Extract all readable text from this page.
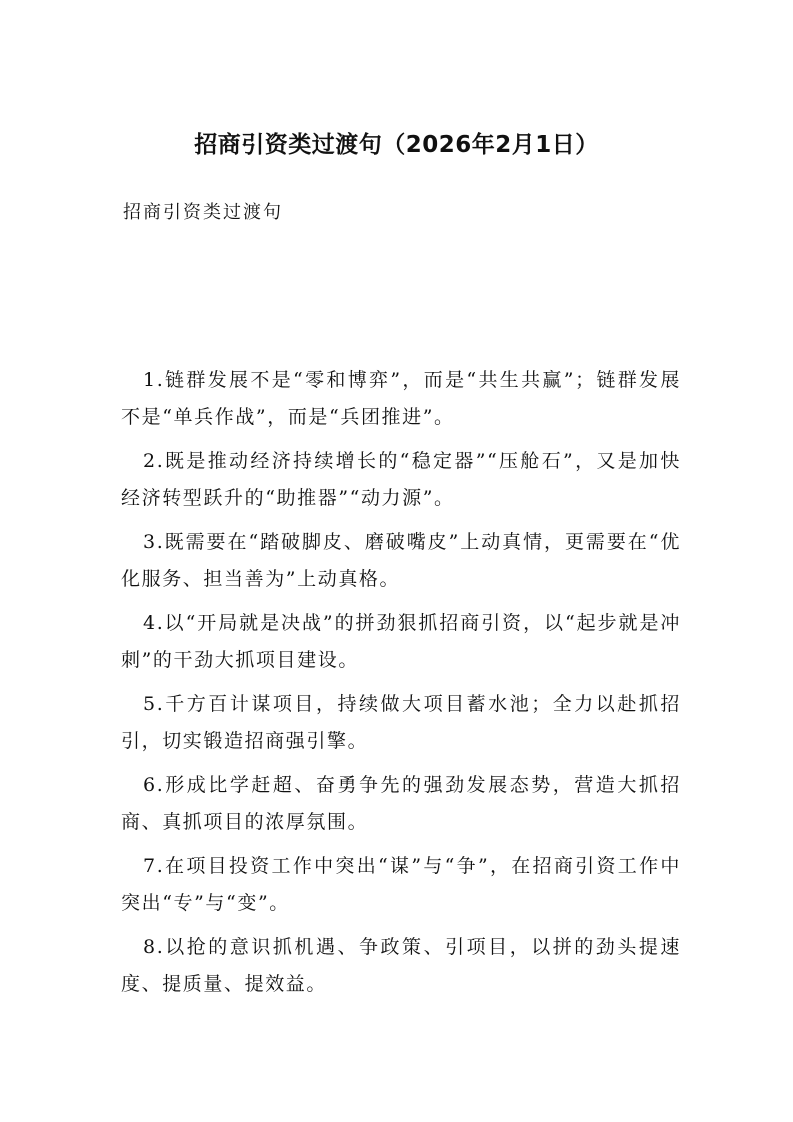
招商引资类过渡句（2026年2月1日）

招商引资类过渡句

1.链群发展不是“零和博弈”，而是“共生共赢”；链群发展不是“单兵作战”，而是“兵团推进”。
2.既是推动经济持续增长的“稳定器”“压舱石”，又是加快经济转型跃升的“助推器”“动力源”。
3.既需要在“踏破脚皮、磨破嘴皮”上动真情，更需要在“优化服务、担当善为”上动真格。
4.以“开局就是决战”的拼劲狠抓招商引资，以“起步就是冲刺”的干劲大抓项目建设。
5.千方百计谋项目，持续做大项目蓄水池；全力以赴抓招引，切实锻造招商强引擎。
6.形成比学赶超、奋勇争先的强劲发展态势，营造大抓招商、真抓项目的浓厚氛围。
7.在项目投资工作中突出“谋”与“争”，在招商引资工作中突出“专”与“变”。
8.以抢的意识抓机遇、争政策、引项目，以拼的劲头提速度、提质量、提效益。
